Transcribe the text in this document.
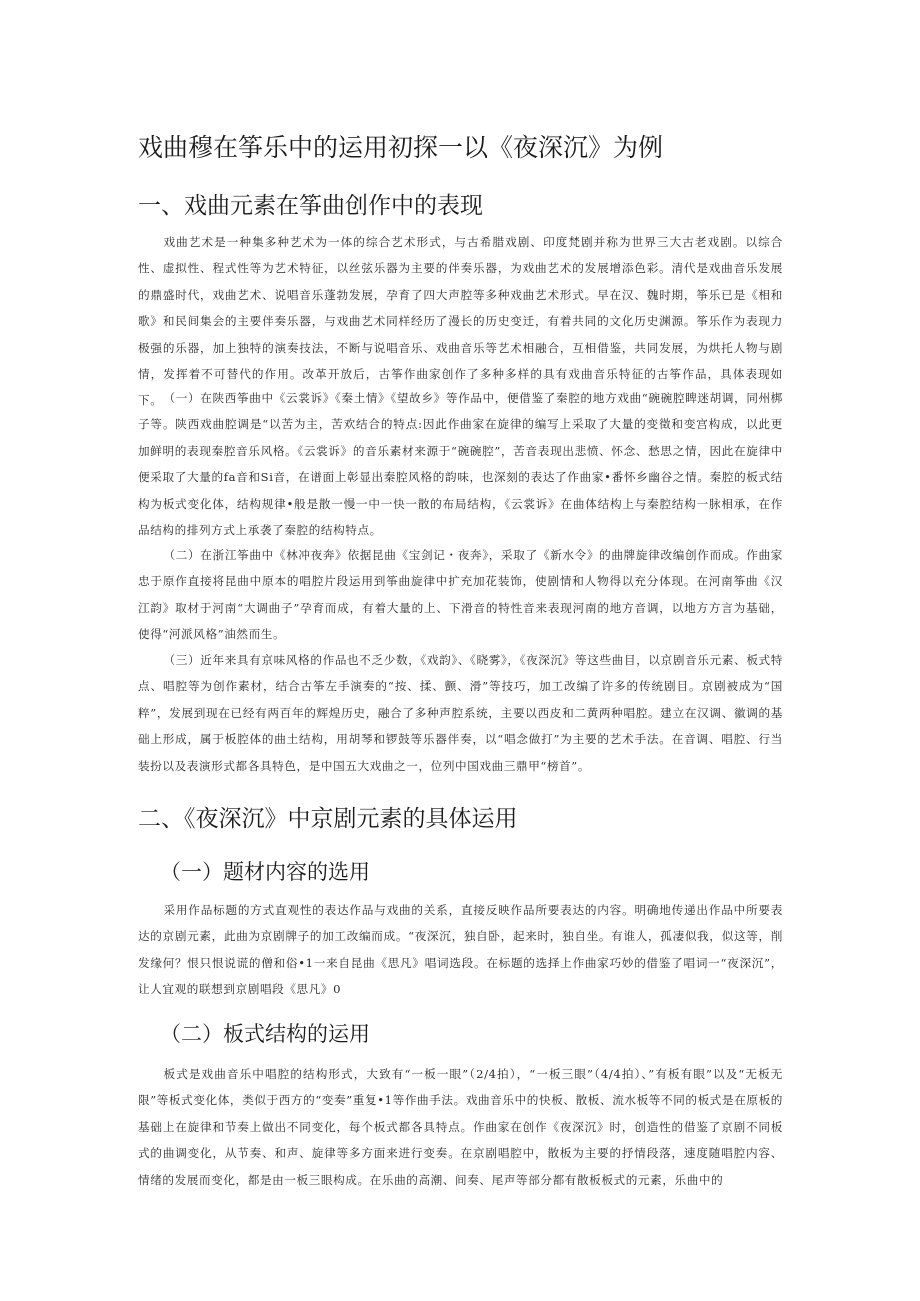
戏曲穆在筝乐中的运用初探一以《夜深沉》为例
一、戏曲元素在筝曲创作中的表现

戏曲艺术是一种集多种艺术为一体的综合艺术形式，与古希腊戏剧、印度梵剧并称为世界三大古老戏剧。以综合性、虚拟性、程式性等为艺术特征，以丝弦乐器为主要的伴奏乐器，为戏曲艺术的发展增添色彩。清代是戏曲音乐发展的鼎盛时代，戏曲艺术、说唱音乐蓬勃发展，孕育了四大声腔等多种戏曲艺术形式。早在汉、魏时期，筝乐已是《相和歌》和民间集会的主要伴奏乐器，与戏曲艺术同样经历了漫长的历史变迁，有着共同的文化历史渊源。筝乐作为表现力极强的乐器，加上独特的演奏技法，不断与说唱音乐、戏曲音乐等艺术相融合，互相借鉴，共同发展，为烘托人物与剧情，发挥着不可替代的作用。改革开放后，古筝作曲家创作了多种多样的具有戏曲音乐特征的古筝作品，具体表现如下。 （一）在陕西筝曲中《云裳诉》《秦土情》《望故乡》等作品中，便借鉴了秦腔的地方戏曲“碗碗腔睥迷胡调，同州梆子等。陕西戏曲腔调是“以苦为主，苦欢结合的特点:因此作曲家在旋律的编写上采取了大量的变徵和变宫构成，以此更加鲜明的表现秦腔音乐风格。《云裳诉》的音乐素材来源于“碗碗腔”，苦音表现出悲愤、怀念、愁思之情，因此在旋律中便采取了大量的fa音和Si音，在谱面上彰显出秦腔风格的韵味，也深刻的表达了作曲家•番怀乡幽谷之情。秦腔的板式结构为板式变化体，结构规律•般是散一慢一中一快一散的布局结构，《云裳诉》在曲体结构上与秦腔结构一脉相承，在作品结构的排列方式上承袭了秦腔的结构特点。

（二）在浙江筝曲中《林冲夜奔》依据昆曲《宝剑记・夜奔》，采取了《新水令》的曲牌旋律改编创作而成。作曲家忠于原作直接将昆曲中原本的唱腔片段运用到筝曲旋律中扩充加花装饰，使剧情和人物得以充分体现。在河南筝曲《汉江韵》取材于河南“大调曲子”孕育而成，有着大量的上、下滑音的特性音来表现河南的地方音调，以地方方言为基础，使得“河派风格”油然而生。

（三）近年来具有京味风格的作品也不乏少数，《戏韵》、《晓雾》，《夜深沉》等这些曲目，以京剧音乐元素、板式特点、唱腔等为创作素材，结合古筝左手演奏的“按、揉、颤、滑”等技巧，加工改编了许多的传统剧目。京剧被成为“国粹”，发展到现在已经有两百年的辉煌历史，融合了多种声腔系统，主要以西皮和二黄两种唱腔。建立在汉调、徽调的基础上形成，属于板腔体的曲土结构，用胡琴和锣鼓等乐器伴奏，以“唱念做打”为主要的艺术手法。在音调、唱腔、行当装扮以及表演形式都各具特色，是中国五大戏曲之一，位列中国戏曲三鼎甲“榜首”。

二、《夜深沉》中京剧元素的具体运用
（一）题材内容的选用

采用作品标题的方式直观性的表达作品与戏曲的关系，直接反映作品所要表达的内容。明确地传递出作品中所要表达的京剧元素，此曲为京剧牌子的加工改编而成。“夜深沉，独自卧，起来时，独自坐。有谁人，孤凄似我，似这等，削发缘何？恨只恨说谎的僧和俗•1一来自昆曲《思凡》唱词选段。在标题的选择上作曲家巧妙的借鉴了唱词一“夜深沉”，让人宜观的联想到京剧唱段《思凡》0

（二）板式结构的运用

板式是戏曲音乐中唱腔的结构形式，大致有“一板一眼”（2/4拍），“一板三眼”（4/4拍）、”有板有眼”以及“无板无限”等板式变化体，类似于西方的“变奏”重复•1等作曲手法。戏曲音乐中的快板、散板、流水板等不同的板式是在原板的基础上在旋律和节奏上做出不同变化，每个板式都各具特点。作曲家在创作《夜深沉》时，创造性的借鉴了京剧不同板式的曲调变化，从节奏、和声、旋律等多方面来进行变奏。在京剧唱腔中，散板为主要的抒情段落，速度随唱腔内容、情绪的发展而变化，都是由一板三眼构成。在乐曲的高潮、间奏、尾声等部分都有散板板式的元素，乐曲中的
